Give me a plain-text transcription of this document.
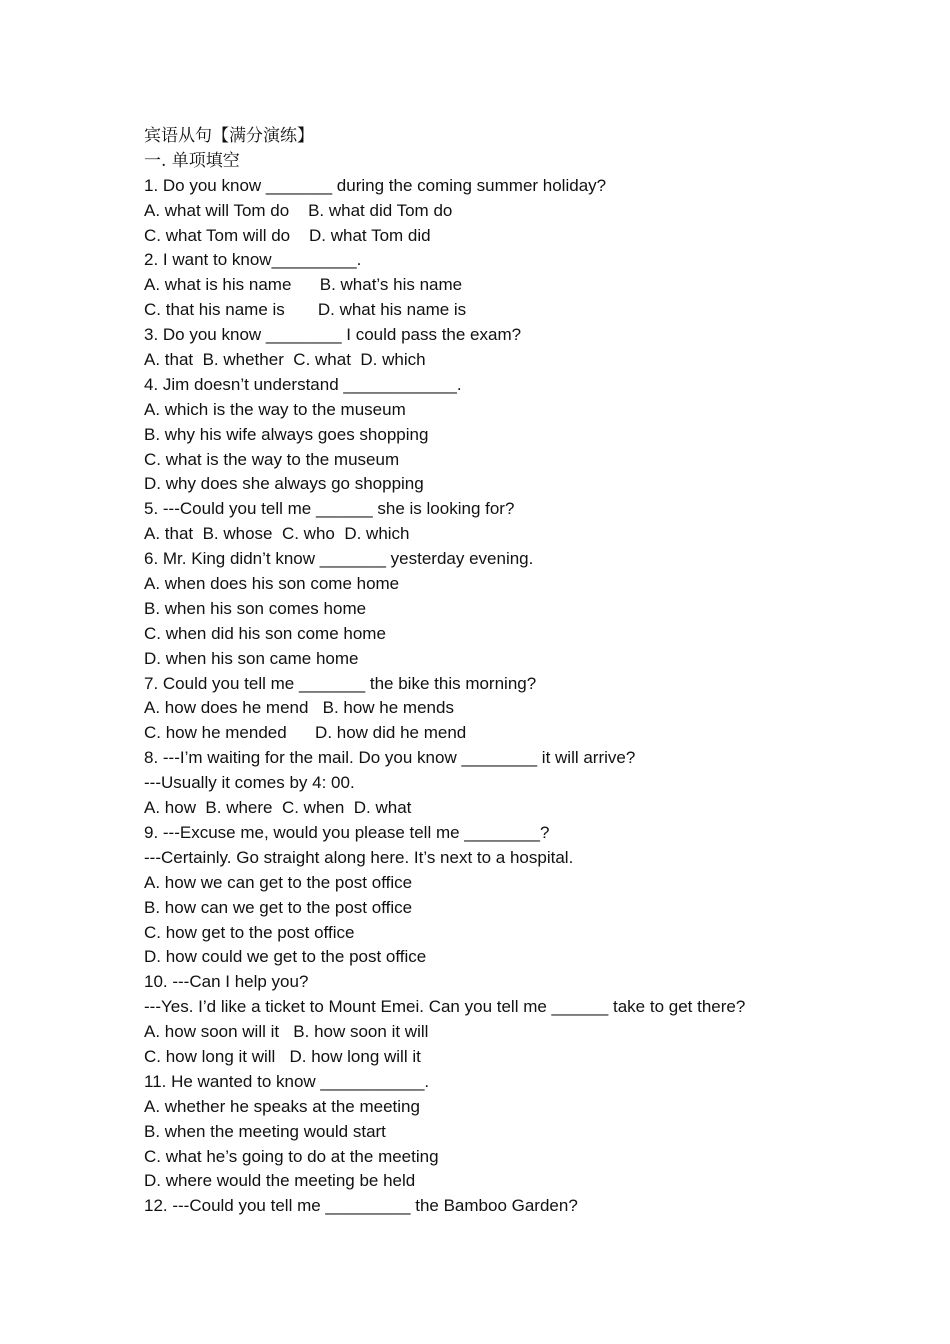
宾语从句【满分演练】
一. 单项填空
1. Do you know _______ during the coming summer holiday?
A. what will Tom do    B. what did Tom do
C. what Tom will do    D. what Tom did
2. I want to know_________.
A. what is his name      B. what’s his name
C. that his name is       D. what his name is
3. Do you know ________ I could pass the exam?
A. that  B. whether  C. what  D. which
4. Jim doesn’t understand ____________.
A. which is the way to the museum
B. why his wife always goes shopping
C. what is the way to the museum
D. why does she always go shopping
5. ---Could you tell me ______ she is looking for?
A. that  B. whose  C. who  D. which
6. Mr. King didn’t know _______ yesterday evening.
A. when does his son come home
B. when his son comes home
C. when did his son come home
D. when his son came home
7. Could you tell me _______ the bike this morning?
A. how does he mend   B. how he mends
C. how he mended      D. how did he mend
8. ---I’m waiting for the mail. Do you know ________ it will arrive?
---Usually it comes by 4: 00.
A. how  B. where  C. when  D. what
9. ---Excuse me, would you please tell me ________?
---Certainly. Go straight along here. It’s next to a hospital.
A. how we can get to the post office
B. how can we get to the post office
C. how get to the post office
D. how could we get to the post office
10. ---Can I help you?
---Yes. I’d like a ticket to Mount Emei. Can you tell me ______ take to get there?
A. how soon will it   B. how soon it will
C. how long it will   D. how long will it
11. He wanted to know ___________.
A. whether he speaks at the meeting
B. when the meeting would start
C. what he’s going to do at the meeting
D. where would the meeting be held
12. ---Could you tell me _________ the Bamboo Garden?
